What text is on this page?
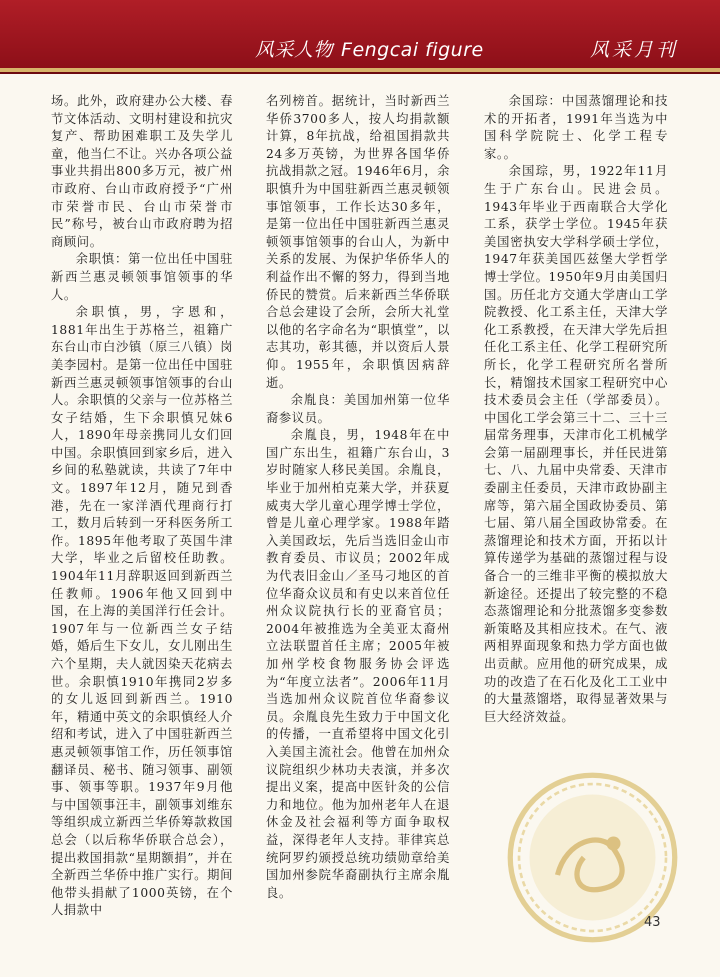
风采人物 Fengcai figure	风采月刊

场。此外，政府建办公大楼、春节文体活动、文明村建设和抗灾复产、帮助困难职工及失学儿童，他当仁不让。兴办各项公益事业共捐出800多万元，被广州市政府、台山市政府授予“广州市荣誉市民、台山市荣誉市民”称号，被台山市政府聘为招商顾问。

余职慎：第一位出任中国驻新西兰惠灵顿领事馆领事的华人。

余职慎，男，字恩和，1881年出生于苏格兰，祖籍广东台山市白沙镇（原三八镇）岗美李园村。是第一位出任中国驻新西兰惠灵顿领事馆领事的台山人。余职慎的父亲与一位苏格兰女子结婚，生下余职慎兄妹6人，1890年母亲携同儿女们回中国。余职慎回到家乡后，进入乡间的私塾就读，共读了7年中文。1897年12月，随兄到香港，先在一家洋酒代理商行打工，数月后转到一牙科医务所工作。1895年他考取了英国牛津大学，毕业之后留校任助教。1904年11月辞职返回到新西兰任教师。1906年他又回到中国，在上海的美国洋行任会计。1907年与一位新西兰女子结婚，婚后生下女儿，女儿刚出生六个星期，夫人就因染天花病去世。余职慎1910年携同2岁多的女儿返回到新西兰。1910年，精通中英文的余职慎经人介绍和考试，进入了中国驻新西兰惠灵顿领事馆工作，历任领事馆翻译员、秘书、随习领事、副领事、领事等职。1937年9月他与中国领事汪丰，副领事刘维东等组织成立新西兰华侨筹款救国总会（以后称华侨联合总会），提出救国捐款“星期额捐”，并在全新西兰华侨中推广实行。期间他带头捐献了1000英镑，在个人捐款中

名列榜首。据统计，当时新西兰华侨3700多人，按人均捐款额计算，8年抗战，给祖国捐款共24多万英镑，为世界各国华侨抗战捐款之冠。1946年6月，余职慎升为中国驻新西兰惠灵顿领事馆领事，工作长达30多年，是第一位出任中国驻新西兰惠灵顿领事馆领事的台山人，为新中关系的发展、为保护华侨华人的利益作出不懈的努力，得到当地侨民的赞赏。后来新西兰华侨联合总会建设了会所，会所大礼堂以他的名字命名为“职慎堂”，以志其功，彰其德，并以资后人景仰。1955年，余职慎因病辞逝。

余胤良：美国加州第一位华裔参议员。

余胤良，男，1948年在中国广东出生，祖籍广东台山，3岁时随家人移民美国。余胤良，毕业于加州柏克莱大学，并获夏威夷大学儿童心理学博士学位，曾是儿童心理学家。1988年踏入美国政坛，先后当选旧金山市教育委员、市议员；2002年成为代表旧金山／圣马刁地区的首位华裔众议员和有史以来首位任州众议院执行长的亚裔官员；2004年被推选为全美亚太裔州立法联盟首任主席；2005年被加州学校食物服务协会评选为“年度立法者”。2006年11月当选加州众议院首位华裔参议员。余胤良先生致力于中国文化的传播，一直希望将中国文化引入美国主流社会。他曾在加州众议院组织少林功夫表演，并多次提出义案，提高中医针灸的公信力和地位。他为加州老年人在退休金及社会福利等方面争取权益，深得老年人支持。菲律宾总统阿罗约颁授总统功绩勋章给美国加州参院华裔副执行主席余胤良。

余国琮：中国蒸馏理论和技术的开拓者，1991年当选为中国科学院院士、化学工程专家。。

余国琮，男，1922年11月生于广东台山。民进会员。1943年毕业于西南联合大学化工系，获学士学位。1945年获美国密执安大学科学硕士学位，1947年获美国匹兹堡大学哲学博士学位。1950年9月由美国归国。历任北方交通大学唐山工学院教授、化工系主任，天津大学化工系教授，在天津大学先后担任化工系主任、化学工程研究所所长，化学工程研究所名誉所长，精馏技术国家工程研究中心技术委员会主任（学部委员）。中国化工学会第三十二、三十三届常务理事，天津市化工机械学会第一届副理事长，并任民进第七、八、九届中央常委、天津市委副主任委员，天津市政协副主席等，第六届全国政协委员、第七届、第八届全国政协常委。在蒸馏理论和技术方面，开拓以计算传递学为基础的蒸馏过程与设备合一的三维非平衡的模拟放大新途径。还提出了较完整的不稳态蒸馏理论和分批蒸馏多变参数新策略及其相应技术。在气、液两相界面现象和热力学方面也做出贡献。应用他的研究成果，成功的改造了在石化及化工工业中的大量蒸馏塔，取得显著效果与巨大经济效益。

43
